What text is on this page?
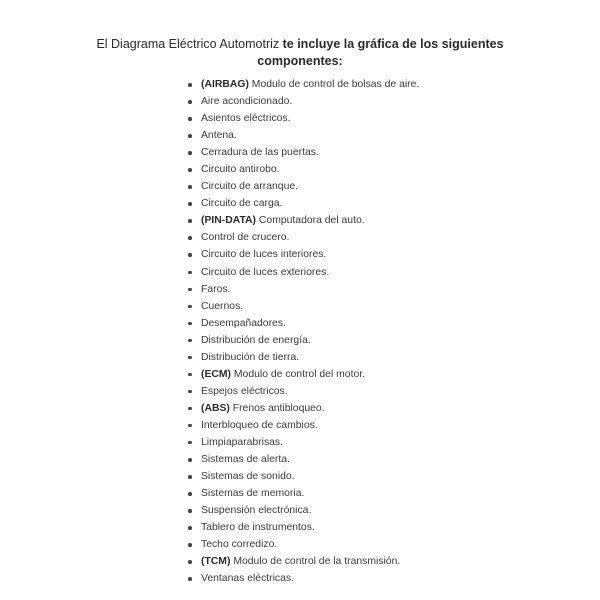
El Diagrama Eléctrico Automotriz te incluye la gráfica de los siguientes componentes:
(AIRBAG) Modulo de control de bolsas de aire.
Aire acondicionado.
Asientos eléctricos.
Antena.
Cerradura de las puertas.
Circuito antirobo.
Circuito de arranque.
Circuito de carga.
(PIN-DATA) Computadora del auto.
Control de crucero.
Circuito de luces interiores.
Circuito de luces exteriores.
Faros.
Cuernos.
Desempañadores.
Distribución de energía.
Distribución de tierra.
(ECM) Modulo de control del motor.
Espejos eléctricos.
(ABS) Frenos antibloqueo.
Interbloqueo de cambios.
Limpiaparabrisas.
Sistemas de alerta.
Sistemas de sonido.
Sistemas de memoria.
Suspensión electrónica.
Tablero de instrumentos.
Techo corredizo.
(TCM) Modulo de control de la transmisión.
Ventanas eléctricas.
